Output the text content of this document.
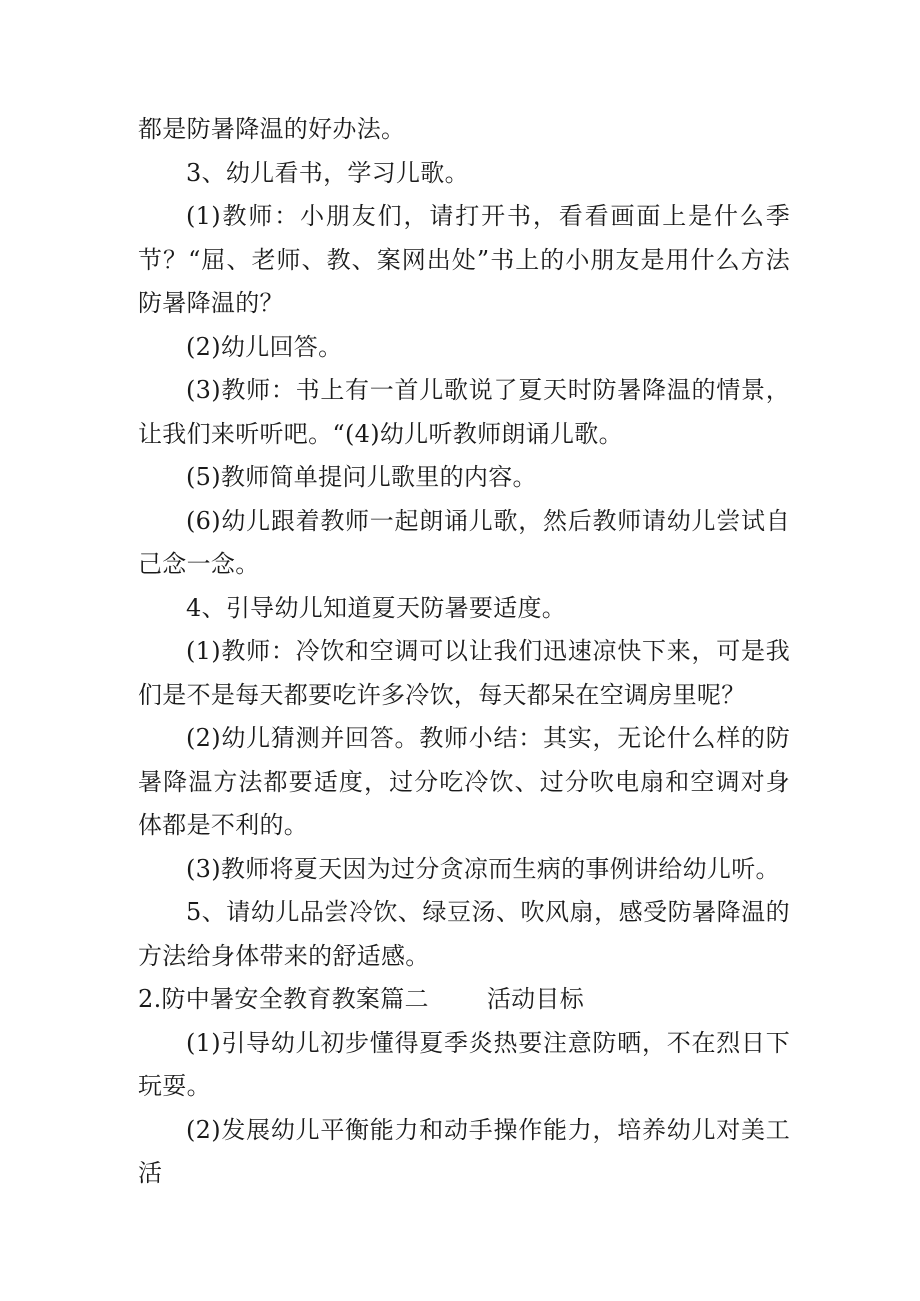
都是防暑降温的好办法。

3、幼儿看书，学习儿歌。

(1)教师：小朋友们，请打开书，看看画面上是什么季节？“屈、老师、教、案网出处”书上的小朋友是用什么方法防暑降温的？

(2)幼儿回答。

(3)教师：书上有一首儿歌说了夏天时防暑降温的情景，让我们来听听吧。“(4)幼儿听教师朗诵儿歌。

(5)教师简单提问儿歌里的内容。

(6)幼儿跟着教师一起朗诵儿歌，然后教师请幼儿尝试自己念一念。

4、引导幼儿知道夏天防暑要适度。

(1)教师：冷饮和空调可以让我们迅速凉快下来，可是我们是不是每天都要吃许多冷饮，每天都呆在空调房里呢？

(2)幼儿猜测并回答。教师小结：其实，无论什么样的防暑降温方法都要适度，过分吃冷饮、过分吹电扇和空调对身体都是不利的。

(3)教师将夏天因为过分贪凉而生病的事例讲给幼儿听。

5、请幼儿品尝冷饮、绿豆汤、吹风扇，感受防暑降温的方法给身体带来的舒适感。

2.防中暑安全教育教案篇二 活动目标

(1)引导幼儿初步懂得夏季炎热要注意防晒，不在烈日下玩耍。

(2)发展幼儿平衡能力和动手操作能力，培养幼儿对美工活
